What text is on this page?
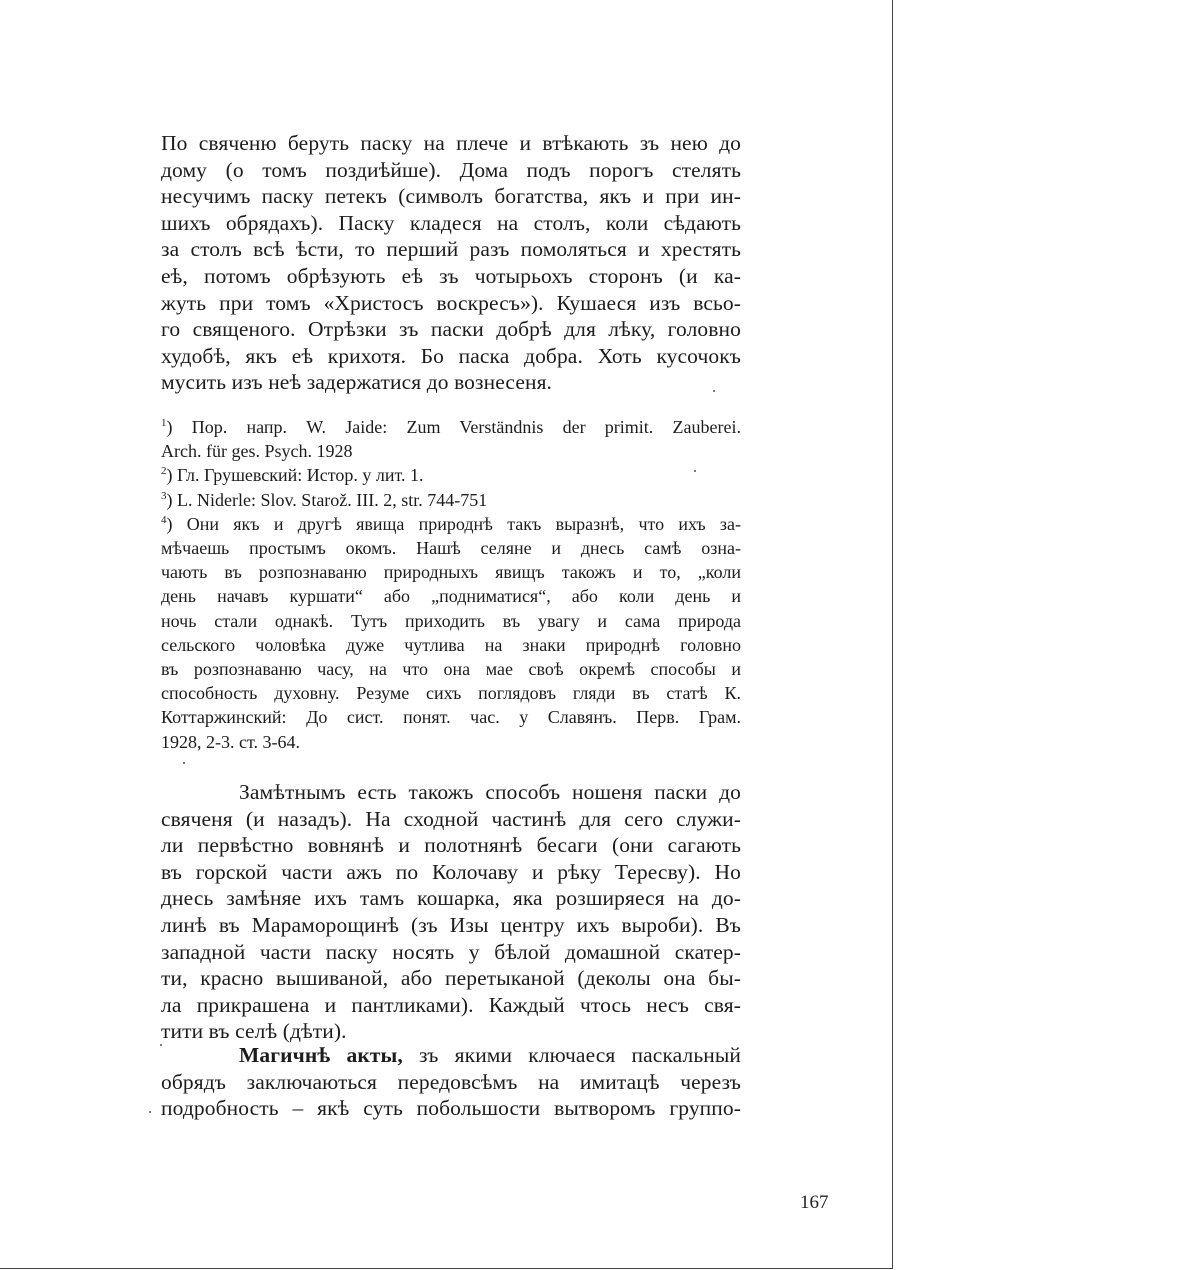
По свяченю беруть паску на плече и втѣкають зъ нею до
дому (о томъ поздиѣйше). Дома подъ порогъ стелять
несучимъ паску петекъ (символъ богатства, якъ и при ин-
шихъ обрядахъ). Паску кладеся на столъ, коли сѣдають
за столъ всѣ ѣсти, то перший разъ помоляться и хрестять
еѣ, потомъ обрѣзують еѣ зъ чотырьохъ сторонъ (и ка-
жуть при томъ «Христосъ воскресъ»). Кушаеся изъ всьо-
го священого. Отрѣзки зъ паски добрѣ для лѣку, головно
худобѣ, якъ еѣ крихотя. Бо паска добра. Хоть кусочокъ
мусить изъ неѣ задержатися до вознесеня.
$^1$) Пор. напр. W. Jaide: Zum Verständnis der primit. Zauberei.
Arch. für ges. Psych. 1928
$^2$) Гл. Грушевский: Истор. у лит. 1.
$^3$) L. Niderle: Slov. Starož. III. 2, str. 744-751
$^4$) Они якъ и другѣ явища природнѣ такъ выразнѣ, что ихъ за-
мѣчаешь простымъ окомъ. Нашѣ селяне и днесь самѣ озна-
чають въ розпознаваню природныхъ явищъ такожъ и то, „коли
день начавъ куршати“ або „подниматися“, або коли день и
ночь стали однакѣ. Тутъ приходить въ увагу и сама природа
сельского чоловѣка дуже чутлива на знаки природнѣ головно
въ розпознаваню часу, на что она мае своѣ окремѣ способы и
способность духовну. Резуме сихъ поглядовъ гляди въ статѣ К.
Коттаржинский: До сист. понят. час. у Славянъ. Перв. Грам.
1928, 2-3. ст. 3-64.
Замѣтнымъ есть такожъ способъ ношеня паски до
свяченя (и назадъ). На сходной частинѣ для сего служи-
ли первѣстно вовнянѣ и полотнянѣ бесаги (они сагають
въ горской части ажъ по Колочаву и рѣку Тересву). Но
днесь замѣняе ихъ тамъ кошарка, яка розширяеся на до-
линѣ въ Мараморощинѣ (зъ Изы центру ихъ выроби). Въ
западной части паску носять у бѣлой домашной скатер-
ти, красно вышиваной, або перетыканой (деколы она бы-
ла прикрашена и пантликами). Каждый чтось несъ свя-
тити въ селѣ (дѣти).
Магичнѣ акты, зъ якими ключаеся паскальный
обрядъ заключаються передовсѣмъ на имитацѣ черезъ
подробность – якѣ суть побольшости вытворомъ группо-
167
